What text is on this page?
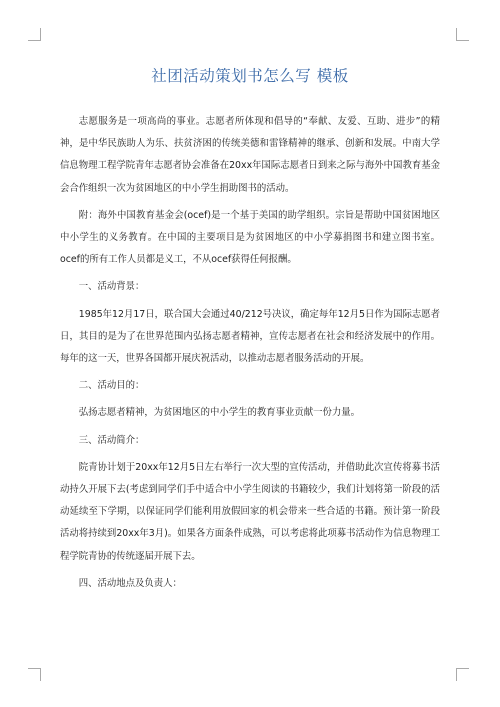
社团活动策划书怎么写 模板

志愿服务是一项高尚的事业。志愿者所体现和倡导的“奉献、友爱、互助、进步”的精神，是中华民族助人为乐、扶贫济困的传统美德和雷锋精神的继承、创新和发展。中南大学信息物理工程学院青年志愿者协会准备在20xx年国际志愿者日到来之际与海外中国教育基金会合作组织一次为贫困地区的中小学生捐助图书的活动。

附：海外中国教育基金会(ocef)是一个基于美国的助学组织。宗旨是帮助中国贫困地区中小学生的义务教育。在中国的主要项目是为贫困地区的中小学募捐图书和建立图书室。ocef的所有工作人员都是义工，不从ocef获得任何报酬。

一、活动背景：

1985年12月17日，联合国大会通过40/212号决议，确定每年12月5日作为国际志愿者日，其目的是为了在世界范围内弘扬志愿者精神，宣传志愿者在社会和经济发展中的作用。每年的这一天，世界各国都开展庆祝活动，以推动志愿者服务活动的开展。

二、活动目的：

弘扬志愿者精神，为贫困地区的中小学生的教育事业贡献一份力量。

三、活动简介：

院青协计划于20xx年12月5日左右举行一次大型的宣传活动，并借助此次宣传将募书活动持久开展下去(考虑到同学们手中适合中小学生阅读的书籍较少，我们计划将第一阶段的活动延续至下学期，以保证同学们能利用放假回家的机会带来一些合适的书籍。预计第一阶段活动将持续到20xx年3月)。如果各方面条件成熟，可以考虑将此项募书活动作为信息物理工程学院青协的传统逐届开展下去。

四、活动地点及负责人：
